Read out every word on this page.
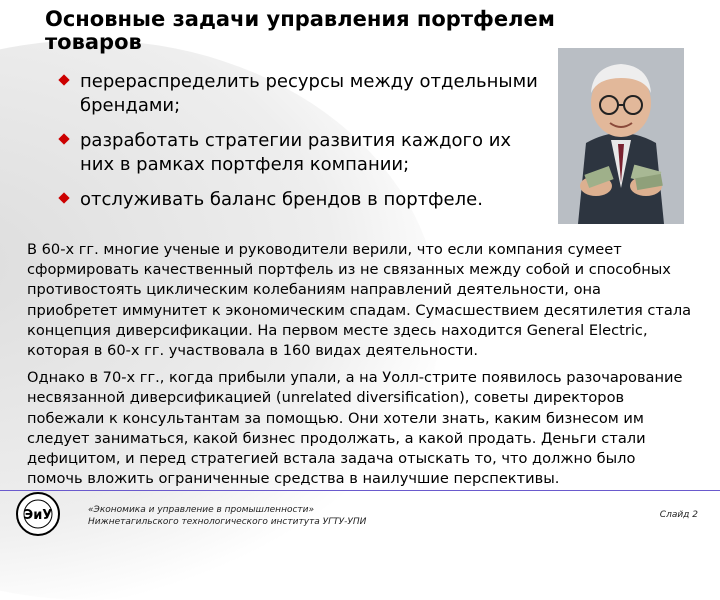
Основные задачи управления портфелем товаров
перераспределить ресурсы между отдельными брендами;
разработать стратегии развития каждого их них в рамках портфеля компании;
отслуживать баланс брендов в портфеле.

В 60-х гг. многие ученые и руководители верили, что если компания сумеет сформировать качественный портфель из не связанных между собой и способных противостоять циклическим колебаниям направлений деятельности, она приобретет иммунитет к экономическим спадам. Сумасшествием десятилетия стала концепция диверсификации. На первом месте здесь находится General Electric, которая в 60-х гг. участвовала в 160 видах деятельности.

Однако в 70-х гг., когда прибыли упали, а на Уолл-стрите появилось разочарование несвязанной диверсификацией (unrelated diversification), советы директоров побежали к консультантам за помощью. Они хотели знать, каким бизнесом им следует заниматься, какой бизнес продолжать, а какой продать. Деньги стали дефицитом, и перед стратегией встала задача отыскать то, что должно было помочь вложить ограниченные средства в наилучшие перспективы.

ЭиУ	«Экономика и управление в промышленности»
Нижнетагильского технологического института УГТУ-УПИ
Слайд 2
